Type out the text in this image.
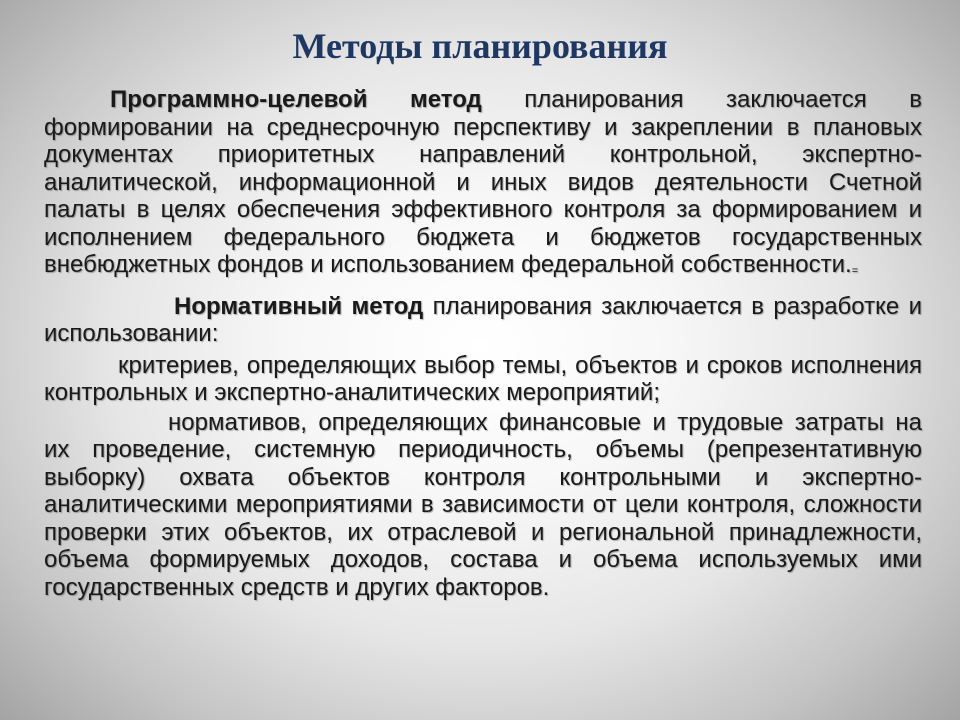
Методы планирования

Программно-целевой метод планирования заключается в формировании на среднесрочную перспективу и закреплении в плановых документах приоритетных направлений контрольной, экспертно-аналитической, информационной и иных видов деятельности Счетной палаты в целях обеспечения эффективного контроля за формированием и исполнением федерального бюджета и бюджетов государственных внебюджетных фондов и использованием федеральной собственности.=

Нормативный метод планирования заключается в разработке и использовании:

критериев, определяющих выбор темы, объектов и сроков исполнения контрольных и экспертно-аналитических мероприятий;

нормативов, определяющих финансовые и трудовые затраты на их проведение, системную периодичность, объемы (репрезентативную выборку) охвата объектов контроля контрольными и экспертно-аналитическими мероприятиями в зависимости от цели контроля, сложности проверки этих объектов, их отраслевой и региональной принадлежности, объема формируемых доходов, состава и объема используемых ими государственных средств и других факторов.
